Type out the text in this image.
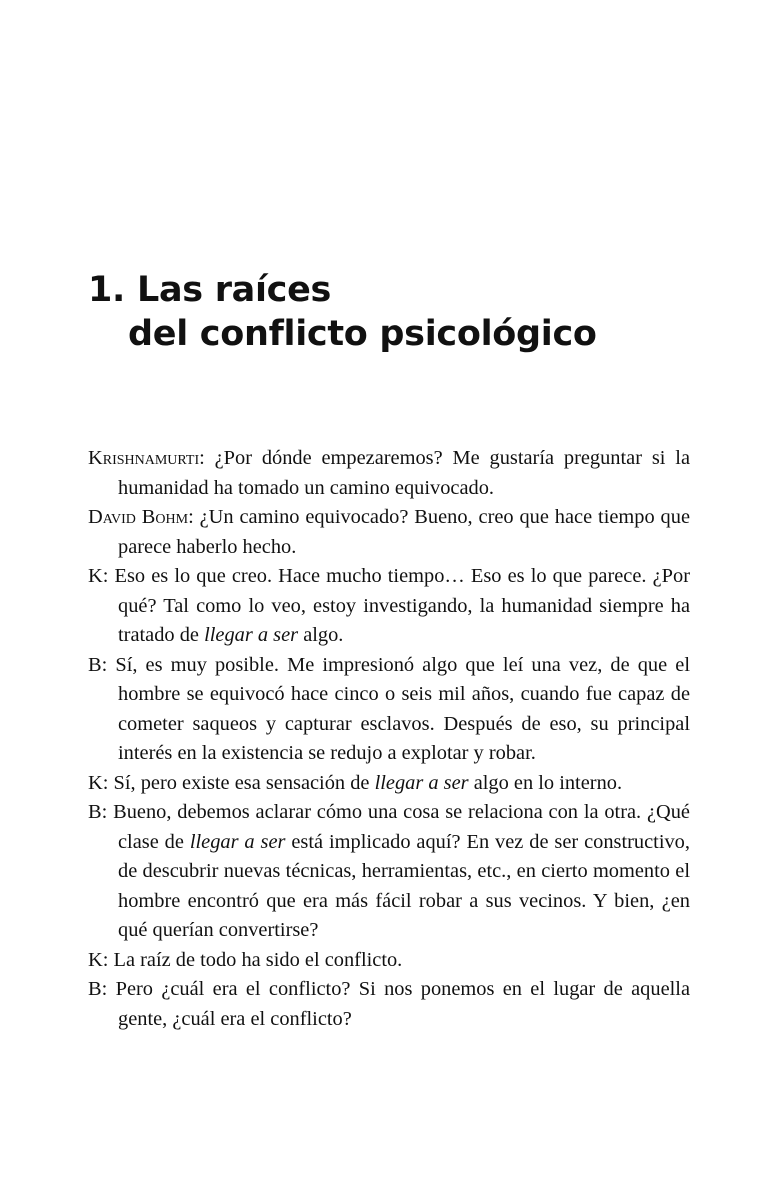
1. Las raíces
del conflicto psicológico

Krishnamurti: ¿Por dónde empezaremos? Me gustaría preguntar si la humanidad ha tomado un camino equivocado.

David Bohm: ¿Un camino equivocado? Bueno, creo que hace tiempo que parece haberlo hecho.

K: Eso es lo que creo. Hace mucho tiempo… Eso es lo que parece. ¿Por qué? Tal como lo veo, estoy investigando, la humanidad siempre ha tratado de llegar a ser algo.

B: Sí, es muy posible. Me impresionó algo que leí una vez, de que el hombre se equivocó hace cinco o seis mil años, cuando fue capaz de cometer saqueos y capturar esclavos. Después de eso, su principal interés en la existencia se redujo a explotar y robar.

K: Sí, pero existe esa sensación de llegar a ser algo en lo interno.

B: Bueno, debemos aclarar cómo una cosa se relaciona con la otra. ¿Qué clase de llegar a ser está implicado aquí? En vez de ser constructivo, de descubrir nuevas técnicas, herramientas, etc., en cierto momento el hombre encontró que era más fácil robar a sus vecinos. Y bien, ¿en qué querían convertirse?

K: La raíz de todo ha sido el conflicto.

B: Pero ¿cuál era el conflicto? Si nos ponemos en el lugar de aquella gente, ¿cuál era el conflicto?
